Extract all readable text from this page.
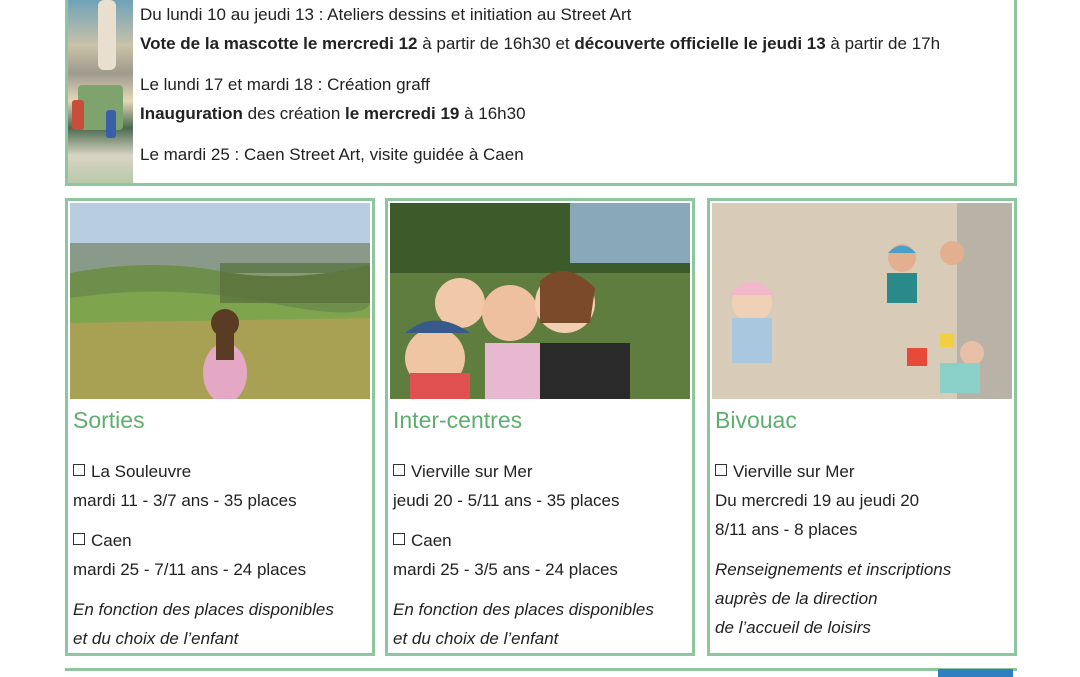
Du lundi 10 au jeudi 13 : Ateliers dessins et initiation au Street Art

Vote de la mascotte le mercredi 12 à partir de 16h30 et découverte officielle le jeudi 13 à partir de 17h

Le lundi 17 et mardi 18 : Création graff

Inauguration des création le mercredi 19 à 16h30

Le mardi 25 : Caen Street Art, visite guidée à Caen

Sorties

La Souleuvre

mardi 11 - 3/7 ans - 35 places

Caen

mardi 25 - 7/11 ans - 24 places

En fonction des places disponibles

et du choix de l’enfant

Inter-centres

Vierville sur Mer

jeudi 20 - 5/11 ans - 35 places

Caen

mardi 25 - 3/5 ans - 24 places

En fonction des places disponibles

et du choix de l’enfant

Bivouac

Vierville sur Mer

Du mercredi 19 au jeudi 20

8/11 ans - 8 places

Renseignements et inscriptions

auprès de la direction

de l’accueil de loisirs
